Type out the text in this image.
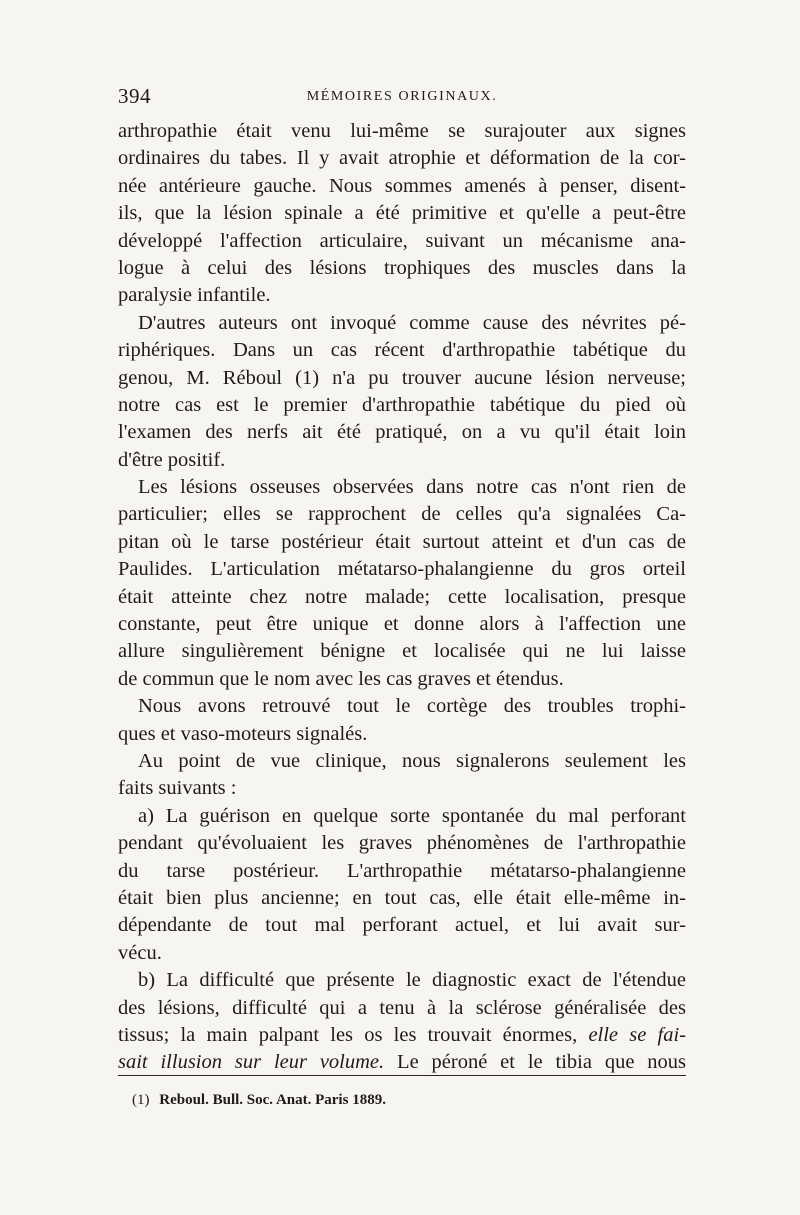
394	MÉMOIRES ORIGINAUX.
arthropathie était venu lui-même se surajouter aux signes
ordinaires du tabes. Il y avait atrophie et déformation de la cor-
née antérieure gauche. Nous sommes amenés à penser, disent-
ils, que la lésion spinale a été primitive et qu'elle a peut-être
développé l'affection articulaire, suivant un mécanisme ana-
logue à celui des lésions trophiques des muscles dans la
paralysie infantile.
D'autres auteurs ont invoqué comme cause des névrites pé-
riphériques. Dans un cas récent d'arthropathie tabétique du
genou, M. Réboul (1) n'a pu trouver aucune lésion nerveuse;
notre cas est le premier d'arthropathie tabétique du pied où
l'examen des nerfs ait été pratiqué, on a vu qu'il était loin
d'être positif.
Les lésions osseuses observées dans notre cas n'ont rien de
particulier; elles se rapprochent de celles qu'a signalées Ca-
pitan où le tarse postérieur était surtout atteint et d'un cas de
Paulides. L'articulation métatarso-phalangienne du gros orteil
était atteinte chez notre malade; cette localisation, presque
constante, peut être unique et donne alors à l'affection une
allure singulièrement bénigne et localisée qui ne lui laisse
de commun que le nom avec les cas graves et étendus.
Nous avons retrouvé tout le cortège des troubles trophi-
ques et vaso-moteurs signalés.
Au point de vue clinique, nous signalerons seulement les
faits suivants :
a) La guérison en quelque sorte spontanée du mal perforant
pendant qu'évoluaient les graves phénomènes de l'arthropathie
du tarse postérieur. L'arthropathie métatarso-phalangienne
était bien plus ancienne; en tout cas, elle était elle-même in-
dépendante de tout mal perforant actuel, et lui avait sur-
vécu.
b) La difficulté que présente le diagnostic exact de l'étendue
des lésions, difficulté qui a tenu à la sclérose généralisée des
tissus; la main palpant les os les trouvait énormes, elle se fai-
sait illusion sur leur volume. Le péroné et le tibia que nous
(1) Reboul. Bull. Soc. Anat. Paris 1889.
